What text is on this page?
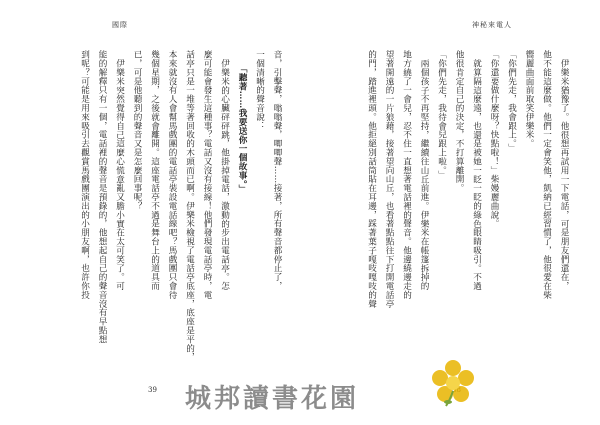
國際
音，引擊聲，嗡嗡聲，唧唧聲……接著，所有聲音都停止了，
一個清晰的聲音說：
「聽著……我要送你一個故事。」
伊樂米的心臟砰砰跳，他掛掉電話，激動的步出電話亭。怎
麼可能會發生這種事？電話又沒有接線！他們發現電話亭時，電
話亭只是一堆等著回收的木頭而已啊。伊樂米檢視了電話亭底座，底座是平的，
本來就沒有人會幫馬戲團的電話亭裝設電話線吧？馬戲團只會待
幾個星期，之後就會離開。這座電話亭不過是舞台上的道具而
已，可是他聽到的聲音又是怎麼回事呢？
伊樂米突然覺得自己這麼心慌意亂又膽小實在太可笑了。可
能的解釋只有一個，電話裡的聲音是預錄的，他想起自己的聲音沒有早點想
到呢？可能是用來吸引去觀賞馬戲團演出的小朋友啊，也許你投
39
神秘來電人
伊樂米猶豫了。他很想再試用一下電話，可是朋友們還在，
他不能這麼做。他們一定會笑他，凱納已經習慣了，他很愛在柴
嚮麗曲面前取笑伊樂米。
「你們先走，我會跟上。」
「你還要做什麼呀？快點啦！」柴嫚麗曲說。
就算隔這麼遠，也還是被她一眨一眨的綠色眼睛吸引。不過
他很肯定自己的決定，不打算離開。
「你們先走，我待會兒跟上啦。」
兩個孩子不再堅持，繼續往山丘前進。伊樂米在帳篷拆掉的
地方繞了一會兒，忍不住一直想著電話裡的聲音。他邊繞邊走的
望著開遠的一片狼藉，接著望向山丘，也看著點點往下打開電話亭
的門，踏進裡頭。他拒絕別話筒貼在耳邊，踩著葉子嘎吱嘎吱的聲
城邦讀書花園
